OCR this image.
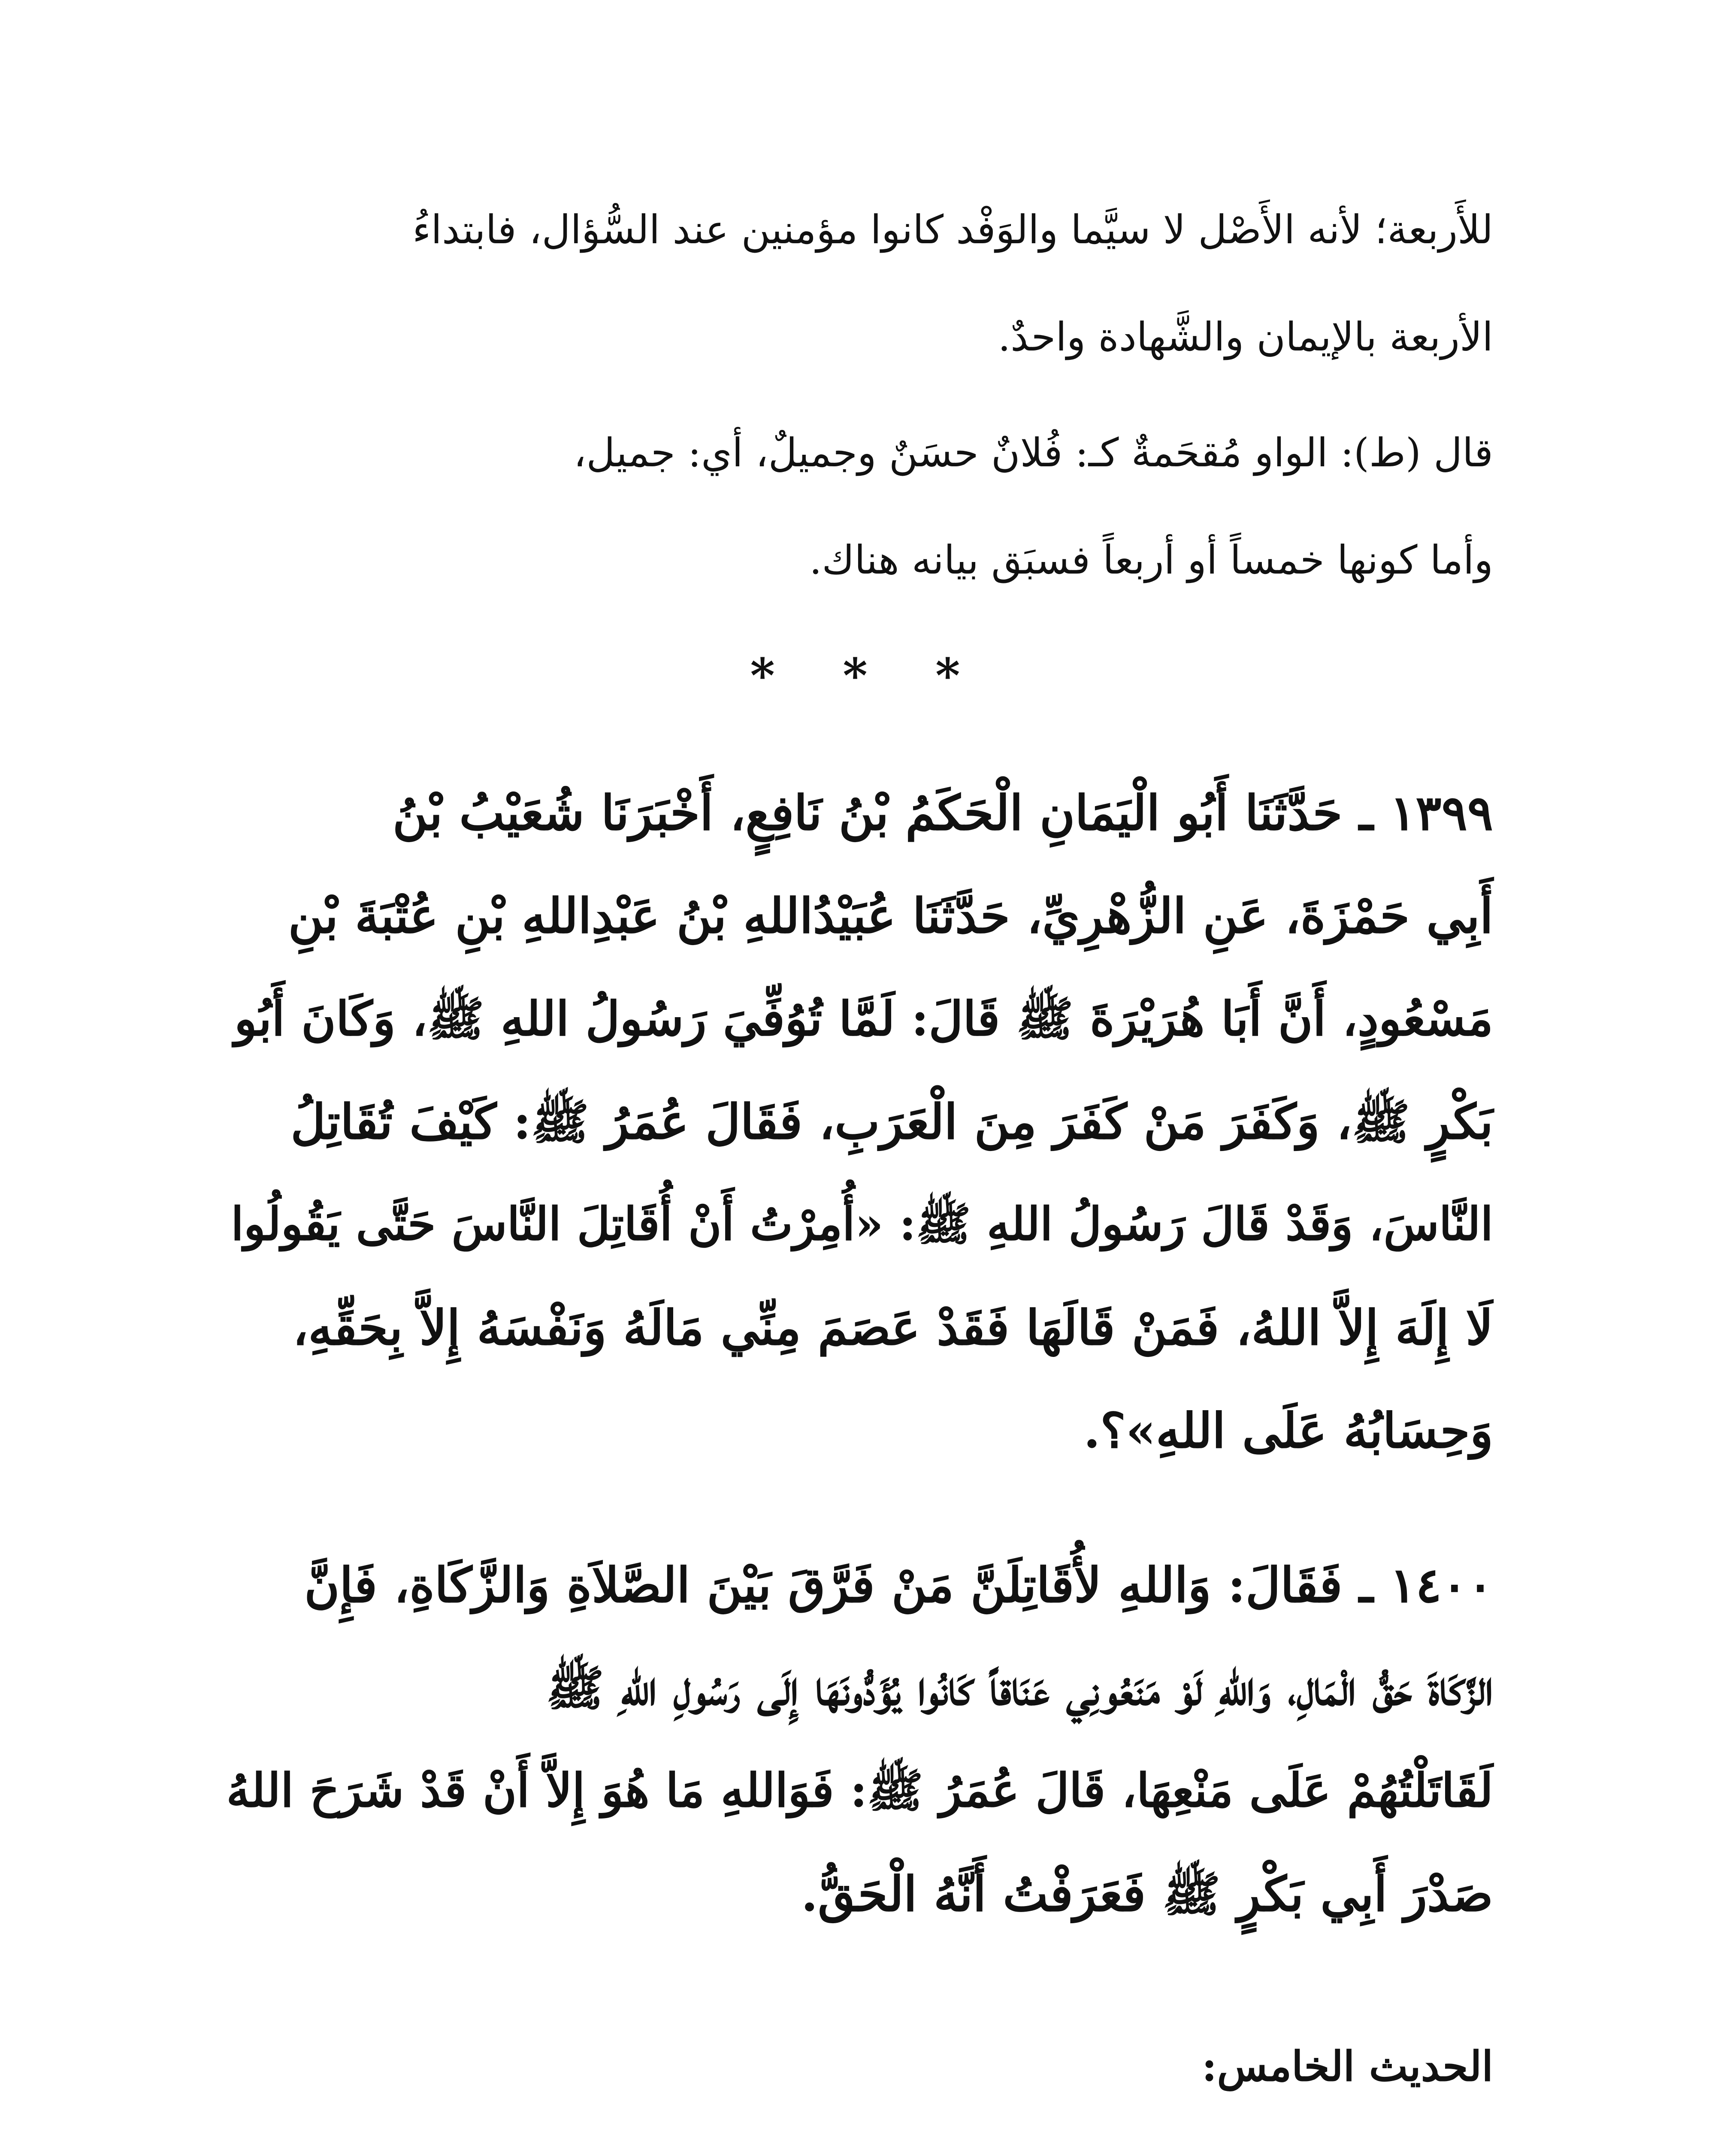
للأَربعة؛ لأنه الأَصْل لا سيَّما والوَفْد كانوا مؤمنين عند السُّؤال، فابتداءُ
الأربعة بالإيمان والشَّهادة واحدٌ.
قال (ط): الواو مُقحَمةٌ كـ: فُلانٌ حسَنٌ وجميلٌ، أي: جميل،
وأما كونها خمساً أو أربعاً فسبَق بيانه هناك.
* * *
١٣٩٩ ـ حَدَّثَنَا أَبُو الْيَمَانِ الْحَكَمُ بْنُ نَافِعٍ، أَخْبَرَنَا شُعَيْبُ بْنُ
أَبِي حَمْزَةَ، عَنِ الزُّهْرِيِّ، حَدَّثَنَا عُبَيْدُاللهِ بْنُ عَبْدِاللهِ بْنِ عُتْبَةَ بْنِ
مَسْعُودٍ، أَنَّ أَبَا هُرَيْرَةَ ﷺ قَالَ: لَمَّا تُوُفِّيَ رَسُولُ اللهِ ﷺ، وَكَانَ أَبُو
بَكْرٍ ﷺ، وَكَفَرَ مَنْ كَفَرَ مِنَ الْعَرَبِ، فَقَالَ عُمَرُ ﷺ: كَيْفَ تُقَاتِلُ
النَّاسَ، وَقَدْ قَالَ رَسُولُ اللهِ ﷺ: «أُمِرْتُ أَنْ أُقَاتِلَ النَّاسَ حَتَّى يَقُولُوا
لَا إِلَهَ إِلاَّ اللهُ، فَمَنْ قَالَهَا فَقَدْ عَصَمَ مِنِّي مَالَهُ وَنَفْسَهُ إِلاَّ بِحَقِّهِ،
وَحِسَابُهُ عَلَى اللهِ»؟.
١٤٠٠ ـ فَقَالَ: وَاللهِ لأُقَاتِلَنَّ مَنْ فَرَّقَ بَيْنَ الصَّلاَةِ وَالزَّكَاةِ، فَإِنَّ
الزَّكَاةَ حَقُّ الْمَالِ، وَاللهِ لَوْ مَنَعُونِي عَنَاقاً كَانُوا يُؤَدُّونَهَا إِلَى رَسُولِ اللهِ ﷺ
لَقَاتَلْتُهُمْ عَلَى مَنْعِهَا، قَالَ عُمَرُ ﷺ: فَوَاللهِ مَا هُوَ إِلاَّ أَنْ قَدْ شَرَحَ اللهُ
صَدْرَ أَبِي بَكْرٍ ﷺ فَعَرَفْتُ أَنَّهُ الْحَقُّ.
الحديث الخامس:
